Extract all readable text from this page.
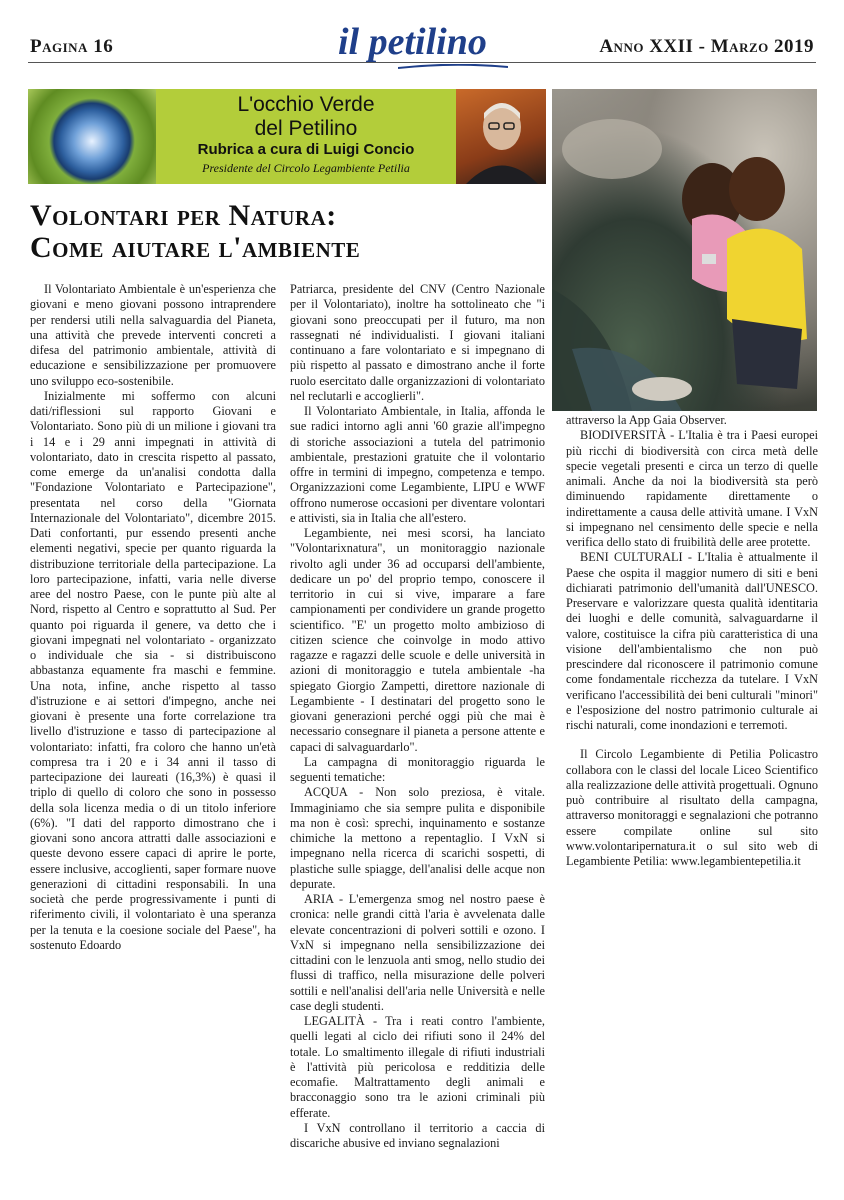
Pagina 16	il petilino	Anno XXII - Marzo 2019
L'occhio Verde
del Petilino
Rubrica a cura di Luigi Concio
Presidente del Circolo Legambiente Petilia
Volontari per Natura:
Come aiutare l'ambiente

Il Volontariato Ambientale è un'esperienza che giovani e meno giovani possono intraprendere per rendersi utili nella salvaguardia del Pianeta, una attività che prevede interventi concreti a difesa del patrimonio ambientale, attività di educazione e sensibilizzazione per promuovere uno sviluppo eco-sostenibile.

Inizialmente mi soffermo con alcuni dati/riflessioni sul rapporto Giovani e Volontariato. Sono più di un milione i giovani tra i 14 e i 29 anni impegnati in attività di volontariato, dato in crescita rispetto al passato, come emerge da un'analisi condotta dalla "Fondazione Volontariato e Partecipazione", presentata nel corso della "Giornata Internazionale del Volontariato", dicembre 2015. Dati confortanti, pur essendo presenti anche elementi negativi, specie per quanto riguarda la distribuzione territoriale della partecipazione. La loro partecipazione, infatti, varia nelle diverse aree del nostro Paese, con le punte più alte al Nord, rispetto al Centro e soprattutto al Sud. Per quanto poi riguarda il genere, va detto che i giovani impegnati nel volontariato - organizzato o individuale che sia - si distribuiscono abbastanza equamente fra maschi e femmine. Una nota, infine, anche rispetto al tasso d'istruzione e ai settori d'impegno, anche nei giovani è presente una forte correlazione tra livello d'istruzione e tasso di partecipazione al volontariato: infatti, fra coloro che hanno un'età compresa tra i 20 e i 34 anni il tasso di partecipazione dei laureati (16,3%) è quasi il triplo di quello di coloro che sono in possesso della sola licenza media o di un titolo inferiore (6%). "I dati del rapporto dimostrano che i giovani sono ancora attratti dalle associazioni e queste devono essere capaci di aprire le porte, essere inclusive, accoglienti, saper formare nuove generazioni di cittadini responsabili. In una società che perde progressivamente i punti di riferimento civili, il volontariato è una speranza per la tenuta e la coesione sociale del Paese", ha sostenuto Edoardo

Patriarca, presidente del CNV (Centro Nazionale per il Volontariato), inoltre ha sottolineato che "i giovani sono preoccupati per il futuro, ma non rassegnati né individualisti. I giovani italiani continuano a fare volontariato e si impegnano di più rispetto al passato e dimostrano anche il forte ruolo esercitato dalle organizzazioni di volontariato nel reclutarli e accoglierli".

Il Volontariato Ambientale, in Italia, affonda le sue radici intorno agli anni '60 grazie all'impegno di storiche associazioni a tutela del patrimonio ambientale, prestazioni gratuite che il volontario offre in termini di impegno, competenza e tempo. Organizzazioni come Legambiente, LIPU e WWF offrono numerose occasioni per diventare volontari e attivisti, sia in Italia che all'estero.

Legambiente, nei mesi scorsi, ha lanciato "Volontarixnatura", un monitoraggio nazionale rivolto agli under 36 ad occuparsi dell'ambiente, dedicare un po' del proprio tempo, conoscere il territorio in cui si vive, imparare a fare campionamenti per condividere un grande progetto scientifico. "E' un progetto molto ambizioso di citizen science che coinvolge in modo attivo ragazze e ragazzi delle scuole e delle università in azioni di monitoraggio e tutela ambientale -ha spiegato Giorgio Zampetti, direttore nazionale di Legambiente - I destinatari del progetto sono le giovani generazioni perché oggi più che mai è necessario consegnare il pianeta a persone attente e capaci di salvaguardarlo".

La campagna di monitoraggio riguarda le seguenti tematiche:

ACQUA - Non solo preziosa, è vitale. Immaginiamo che sia sempre pulita e disponibile ma non è così: sprechi, inquinamento e sostanze chimiche la mettono a repentaglio. I VxN si impegnano nella ricerca di scarichi sospetti, di plastiche sulle spiagge, dell'analisi delle acque non depurate.

ARIA - L'emergenza smog nel nostro paese è cronica: nelle grandi città l'aria è avvelenata dalle elevate concentrazioni di polveri sottili e ozono. I VxN si impegnano nella sensibilizzazione dei cittadini con le lenzuola anti smog, nello studio dei flussi di traffico, nella misurazione delle polveri sottili e nell'analisi dell'aria nelle Università e nelle case degli studenti.

LEGALITÀ - Tra i reati contro l'ambiente, quelli legati al ciclo dei rifiuti sono il 24% del totale. Lo smaltimento illegale di rifiuti industriali è l'attività più pericolosa e redditizia delle ecomafie. Maltrattamento degli animali e bracconaggio sono tra le azioni criminali più efferate.

I VxN controllano il territorio a caccia di discariche abusive ed inviano segnalazioni

attraverso la App Gaia Observer.

BIODIVERSITÀ - L'Italia è tra i Paesi europei più ricchi di biodiversità con circa metà delle specie vegetali presenti e circa un terzo di quelle animali. Anche da noi la biodiversità sta però diminuendo rapidamente direttamente o indirettamente a causa delle attività umane. I VxN si impegnano nel censimento delle specie e nella verifica dello stato di fruibilità delle aree protette.

BENI CULTURALI - L'Italia è attualmente il Paese che ospita il maggior numero di siti e beni dichiarati patrimonio dell'umanità dall'UNESCO. Preservare e valorizzare questa qualità identitaria dei luoghi e delle comunità, salvaguardarne il valore, costituisce la cifra più caratteristica di una visione dell'ambientalismo che non può prescindere dal riconoscere il patrimonio comune come fondamentale ricchezza da tutelare. I VxN verificano l'accessibilità dei beni culturali "minori" e l'esposizione del nostro patrimonio culturale ai rischi naturali, come inondazioni e terremoti.

Il Circolo Legambiente di Petilia Policastro collabora con le classi del locale Liceo Scientifico alla realizzazione delle attività progettuali. Ognuno può contribuire al risultato della campagna, attraverso monitoraggi e segnalazioni che potranno essere compilate online sul sito www.volontaripernatura.it o sul sito web di Legambiente Petilia: www.legambientepetilia.it
